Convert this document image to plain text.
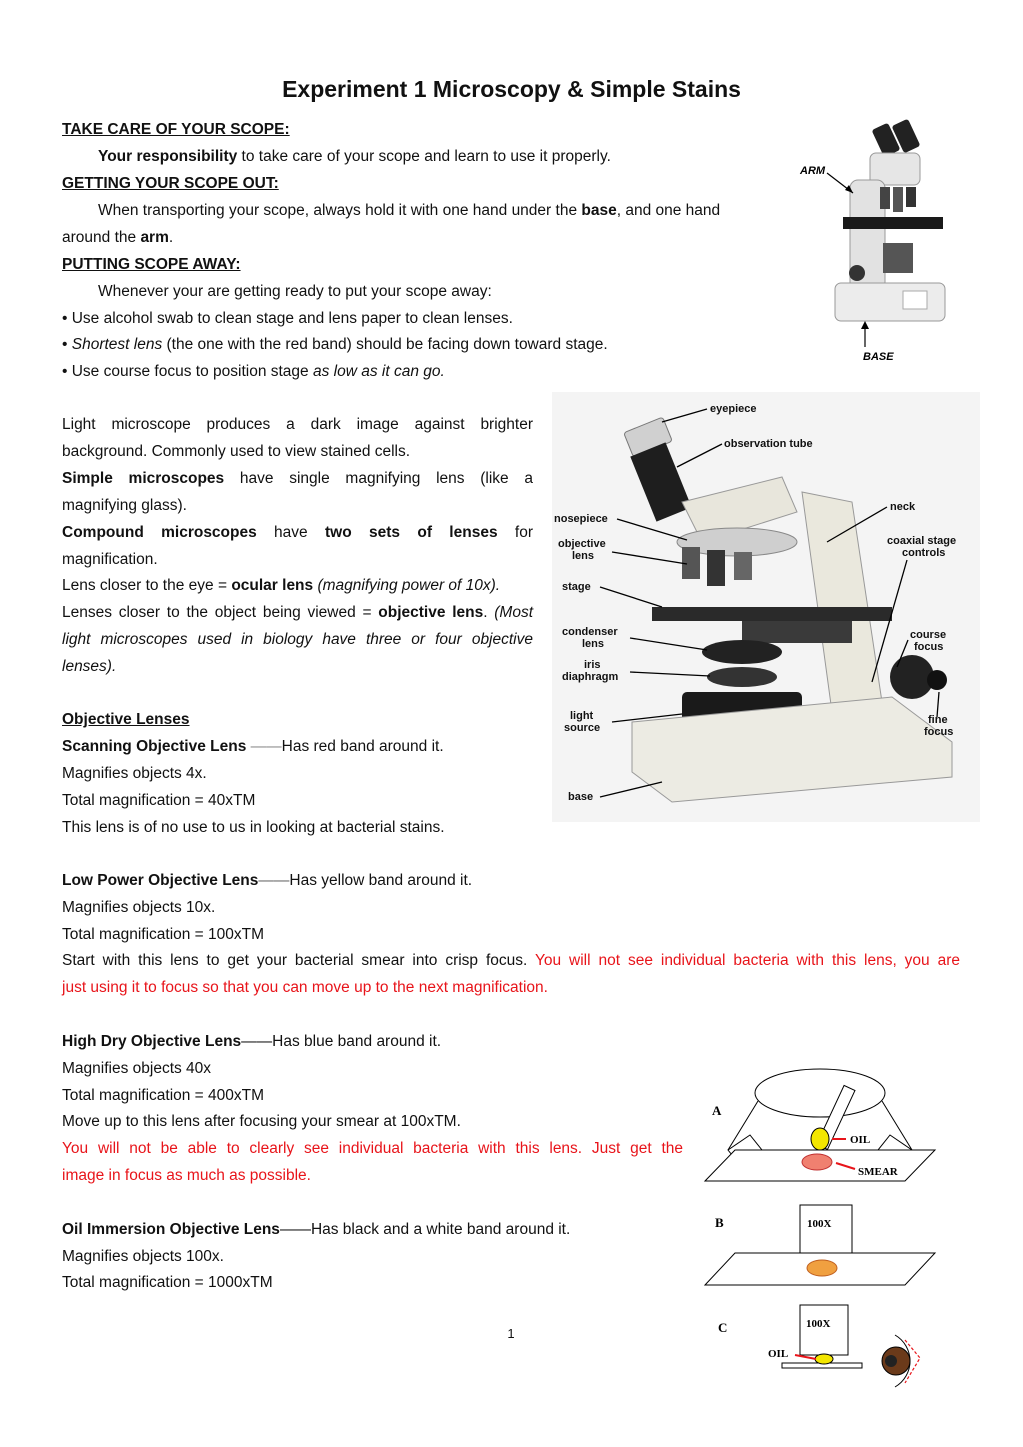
Experiment 1 Microscopy & Simple Stains
TAKE CARE OF YOUR SCOPE:
Your responsibility to take care of your scope and learn to use it properly.
GETTING YOUR SCOPE OUT:
When transporting your scope, always hold it with one hand under the base, and one hand
around the arm.
PUTTING SCOPE AWAY:
Whenever your are getting ready to put your scope away:
• Use alcohol swab to clean stage and lens paper to clean lenses.
• Shortest lens (the one with the red band) should be facing down toward stage.
• Use course focus to position stage as low as it can go.
Light microscope produces a dark image against brighter
background. Commonly used to view stained cells.
Simple microscopes have single magnifying lens (like a
magnifying glass).
Compound microscopes have two sets of lenses for
magnification.
Lens closer to the eye = ocular lens (magnifying power of 10x).
Lenses closer to the object being viewed = objective lens. (Most
light microscopes used in biology have three or four objective
lenses).
Objective Lenses
Scanning Objective Lens ——Has red band around it.
Magnifies objects 4x.
Total magnification = 40xTM
This lens is of no use to us in looking at bacterial stains.
Low Power Objective Lens——Has yellow band around it.
Magnifies objects 10x.
Total magnification = 100xTM
Start with this lens to get your bacterial smear into crisp focus. You will not see individual bacteria with this lens, you are
just using it to focus so that you can move up to the next magnification.
High Dry Objective Lens——Has blue band around it.
Magnifies objects 40x
Total magnification = 400xTM
Move up to this lens after focusing your smear at 100xTM.
You will not be able to clearly see individual bacteria with this lens. Just get the
image in focus as much as possible.
Oil Immersion Objective Lens——Has black and a white band around it.
Magnifies objects 100x.
Total magnification = 1000xTM
1
ARM
BASE
eyepiece
observation tube
neck
coaxial stage
controls
nosepiece
objective
lens
stage
condenser
lens
iris
diaphragm
course
focus
light
source
fine
focus
base
A
OIL
SMEAR
B	100X
C	100X
OIL
